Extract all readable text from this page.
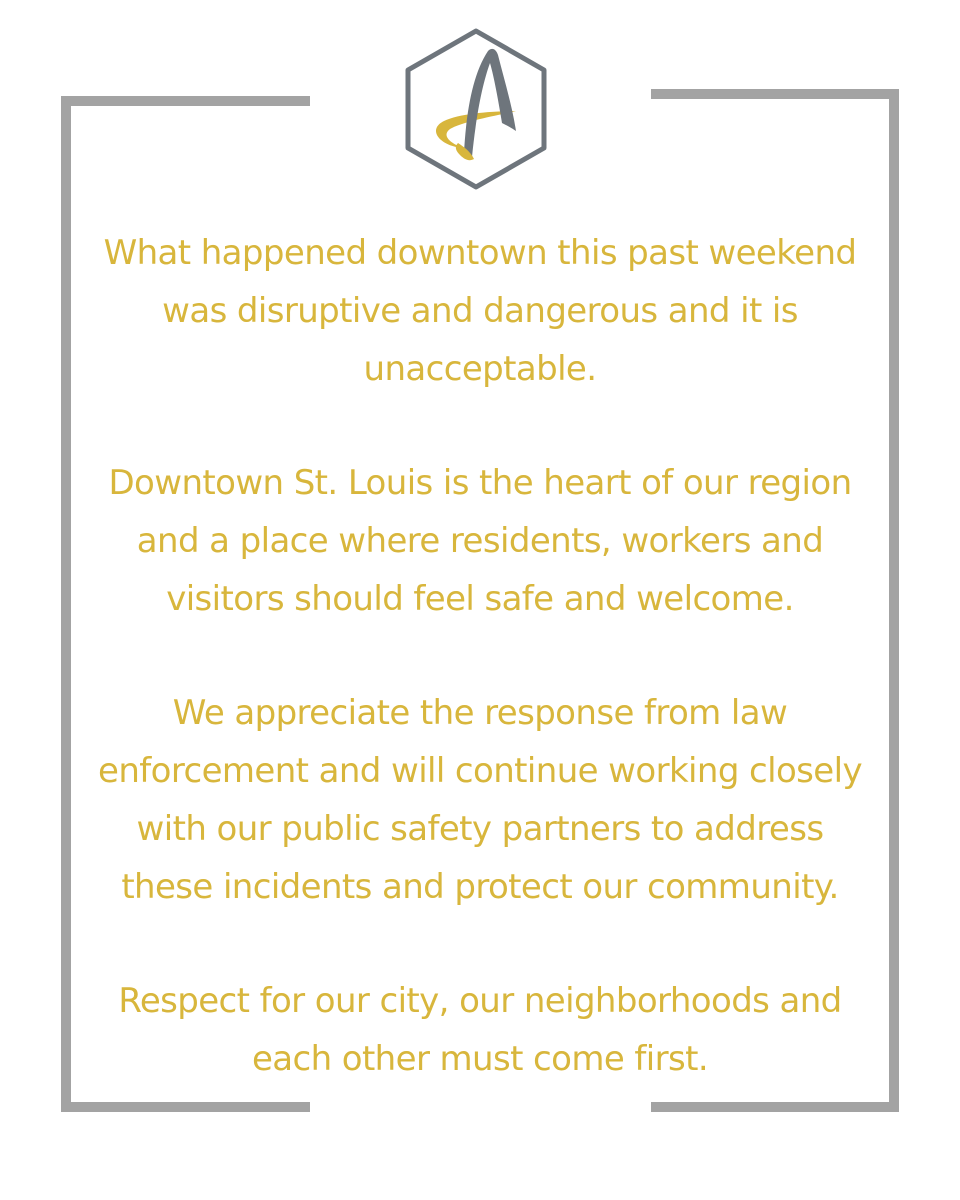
What happened downtown this past weekend was disruptive and dangerous and it is unacceptable.

Downtown St. Louis is the heart of our region and a place where residents, workers and visitors should feel safe and welcome.

We appreciate the response from law enforcement and will continue working closely with our public safety partners to address these incidents and protect our community.

Respect for our city, our neighborhoods and each other must come first.
